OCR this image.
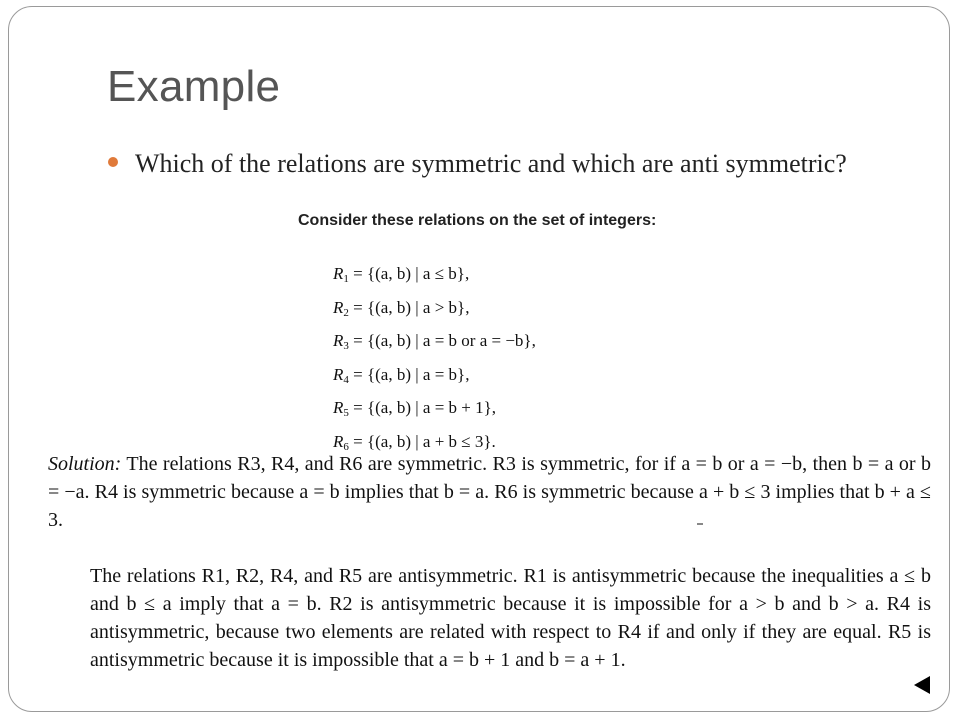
Example
Which of the relations are symmetric and which are anti symmetric?
Consider these relations on the set of integers:
$R_1 = \{(a$, b) | a ≤ b},
$R_2 = \{(a$, b) | a > b},
$R_3 = \{(a$, b) | a = b or a = −b},
$R_4 = \{(a$, b) | a = b},
$R_5 = \{(a$, b) | a = b + 1},
$R_6 = \{(a$, b) | a + b ≤ 3}.
Solution: The relations R3, R4, and R6 are symmetric. R3 is symmetric, for if a = b or a = −b, then b = a or b = −a. R4 is symmetric because a = b implies that b = a. R6 is symmetric because a + b ≤ 3 implies that b + a ≤ 3.
The relations R1, R2, R4, and R5 are antisymmetric. R1 is antisymmetric because the inequalities a ≤ b and b ≤ a imply that a = b. R2 is antisymmetric because it is impossible for a > b and b > a. R4 is antisymmetric, because two elements are related with respect to R4 if and only if they are equal. R5 is antisymmetric because it is impossible that a = b + 1 and b = a + 1.
